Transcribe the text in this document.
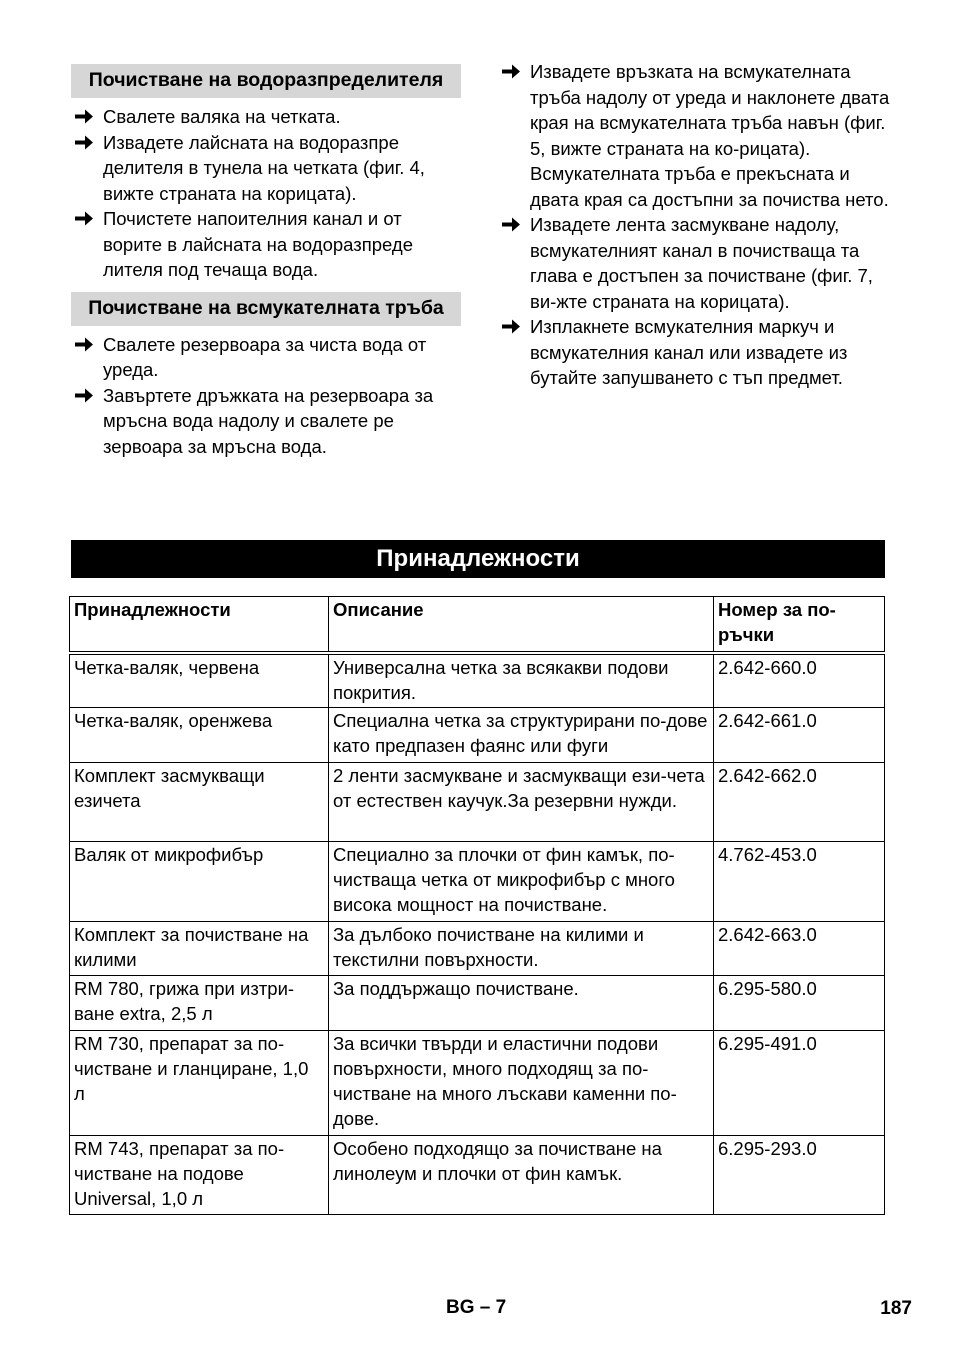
Почистване на водоразпределителя
Свалете валяка на четката.
Извадете лайсната на водоразпре делителя в тунела на четката (фиг. 4, вижте страната на корицата).
Почистете напоителния канал и от ворите в лайсната на водоразпреде лителя под течаща вода.
Почистване на всмукателната тръба
Свалете резервоара за чиста вода от уреда.
Завъртете дръжката на резервоара за мръсна вода надолу и свалете ре зервоара за мръсна вода.
Извадете връзката на всмукателната тръба надолу от уреда и наклонете двата края на всмукателната тръба навън (фиг. 5, вижте страната на ко-рицата).
Всмукателната тръба е прекъсната и двата края са достъпни за почиства нето.
Извадете лента засмукване надолу, всмукателният канал в почистваща та глава е достъпен за почистване (фиг. 7, ви-жте страната на корицата).
Изплакнете всмукателния маркуч и всмукателния канал или извадете из бутайте запушването с тъп предмет.
Принадлежности
Принадлежности	Описание	Номер за по-ръчки
Четка-валяк, червена	Универсална четка за всякакви подови покрития.	2.642-660.0
Четка-валяк, оренжева	Специална четка за структурирани по-дове като предпазен фаянс или фуги	2.642-661.0
Комплект засмукващи езичета	2 ленти засмукване и засмукващи ези-чета от естествен каучук.За резервни нужди.	2.642-662.0
Валяк от микрофибър	Специално за плочки от фин камък, по-чистваща четка от микрофибър с много висока мощност на почистване.	4.762-453.0
Комплект за почистване на килими	За дълбоко почистване на килими и текстилни повърхности.	2.642-663.0
RM 780, грижа при изтри-ване extra, 2,5 л	За поддържащо почистване.	6.295-580.0
RM 730, препарат за по-чистване и гланциране, 1,0 л	За всички твърди и еластични подови повърхности, много подходящ за по-чистване на много лъскави каменни по-дове.	6.295-491.0
RM 743, препарат за по-чистване на подове Universal, 1,0 л	Особено подходящо за почистване на линолеум и плочки от фин камък.	6.295-293.0
BG – 7	187
